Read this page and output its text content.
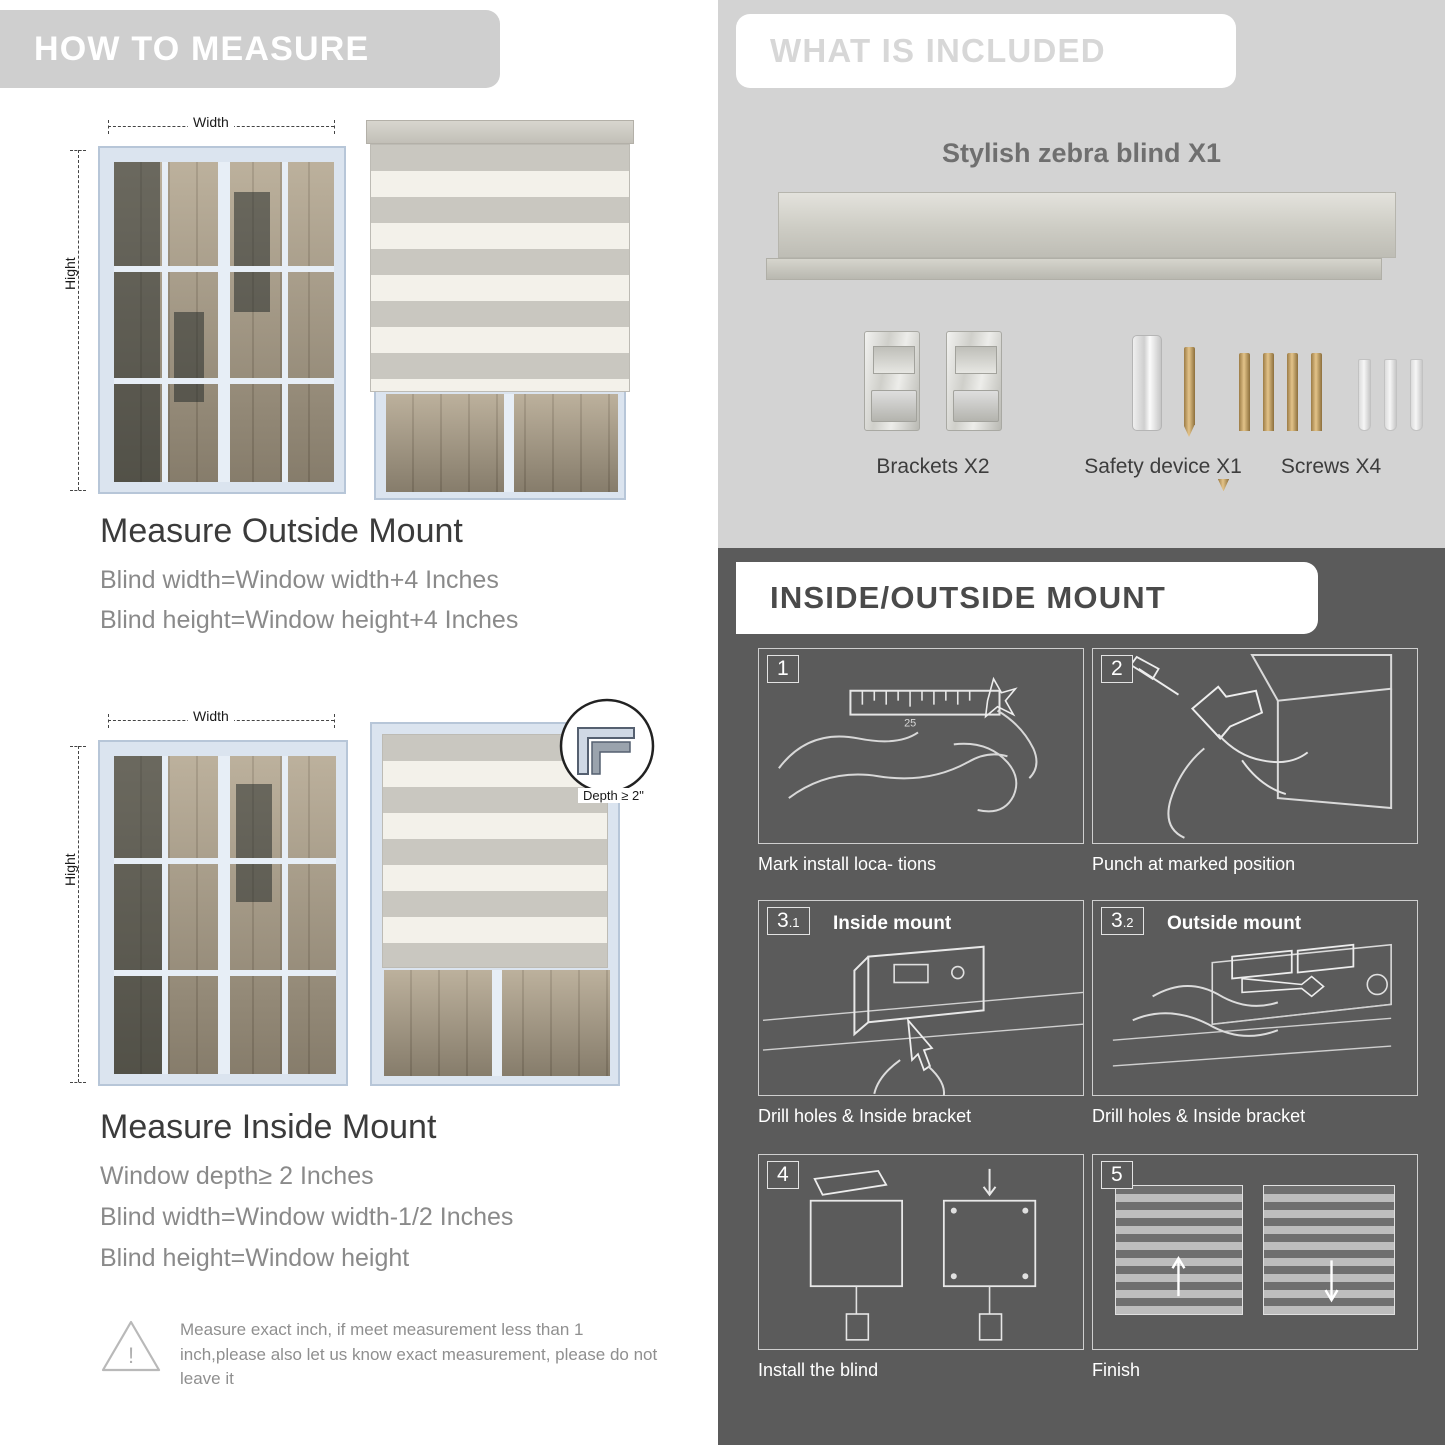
HOW TO MEASURE
Width
Hight
Measure Outside Mount
Blind width=Window width+4 Inches
Blind height=Window height+4 Inches
Width
Hight
Depth ≥ 2"
Measure Inside Mount
Window depth≥ 2 Inches
Blind width=Window width-1/2 Inches
Blind height=Window height
!
Measure exact inch, if meet measurement less than 1 inch,please also let us know exact measurement, please do not leave it
WHAT IS INCLUDED
Stylish zebra blind X1
Brackets X2	Safety device X1	Screws X4
INSIDE/OUTSIDE MOUNT
25
1
Mark install loca- tions
2
Punch at marked position
3.1	Inside mount
Drill holes & Inside bracket
3.2	Outside mount
Drill holes & Inside bracket
4
Install the blind
5
Finish
